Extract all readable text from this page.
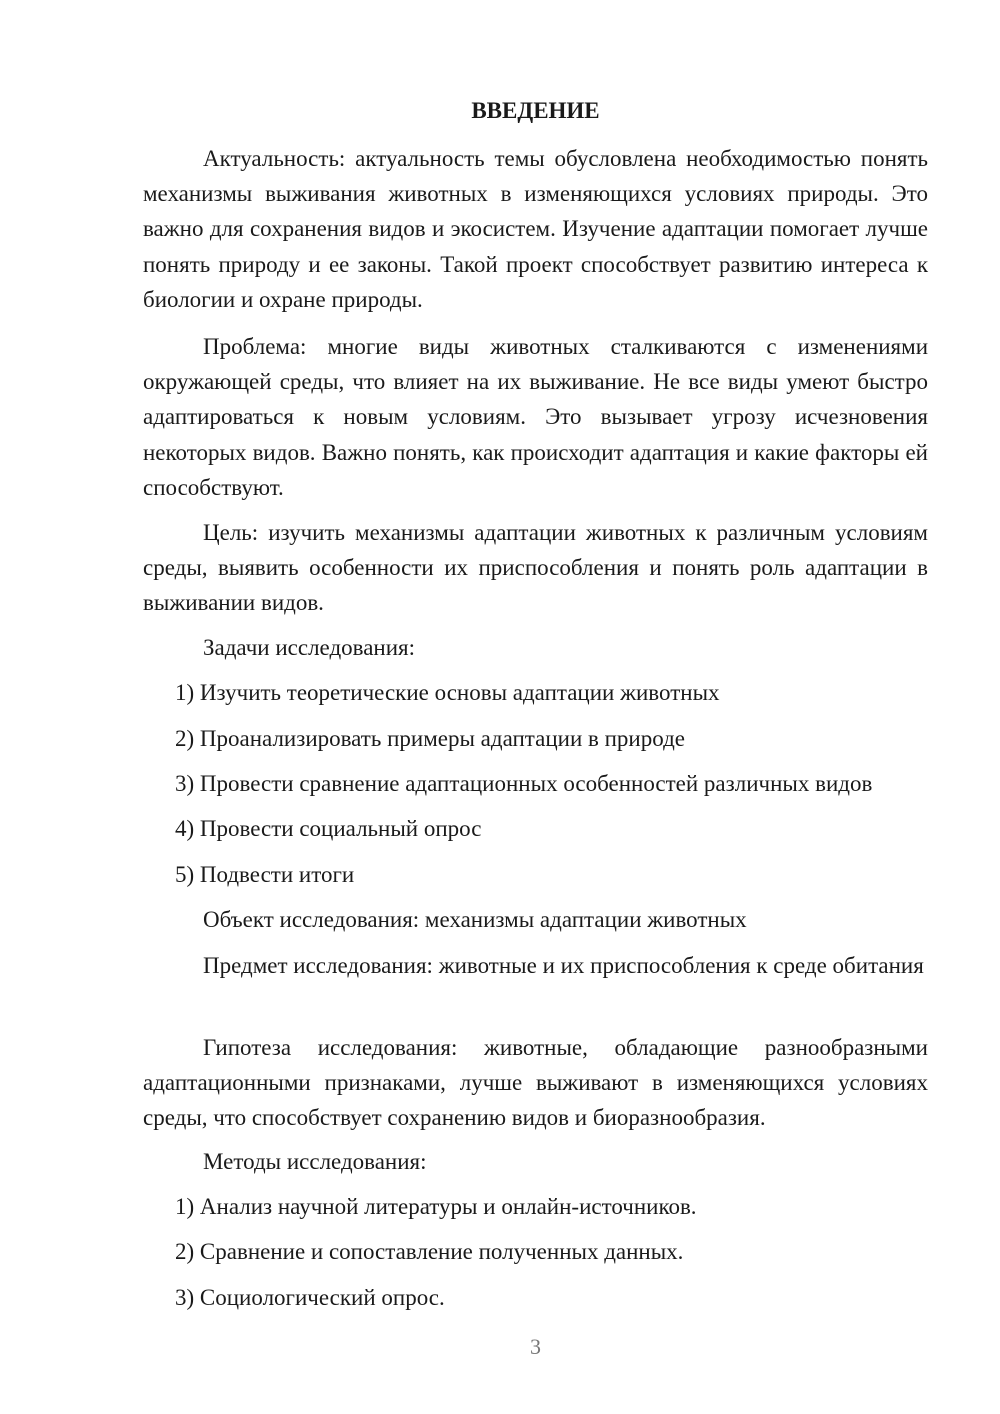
ВВЕДЕНИЕ

Актуальность: актуальность темы обусловлена необходимостью понять механизмы выживания животных в изменяющихся условиях природы. Это важно для сохранения видов и экосистем. Изучение адаптации помогает лучше понять природу и ее законы. Такой проект способствует развитию интереса к биологии и охране природы.

Проблема: многие виды животных сталкиваются с изменениями окружающей среды, что влияет на их выживание. Не все виды умеют быстро адаптироваться к новым условиям. Это вызывает угрозу исчезновения некоторых видов. Важно понять, как происходит адаптация и какие факторы ей способствуют.

Цель: изучить механизмы адаптации животных к различным условиям среды, выявить особенности их приспособления и понять роль адаптации в выживании видов.

Задачи исследования:

1) Изучить теоретические основы адаптации животных

2) Проанализировать примеры адаптации в природе

3) Провести сравнение адаптационных особенностей различных видов

4) Провести социальный опрос

5) Подвести итоги

Объект исследования: механизмы адаптации животных

Предмет исследования: животные и их приспособления к среде обитания

Гипотеза исследования: животные, обладающие разнообразными адаптационными признаками, лучше выживают в изменяющихся условиях среды, что способствует сохранению видов и биоразнообразия.

Методы исследования:

1) Анализ научной литературы и онлайн-источников.

2) Сравнение и сопоставление полученных данных.

3) Социологический опрос.

3
